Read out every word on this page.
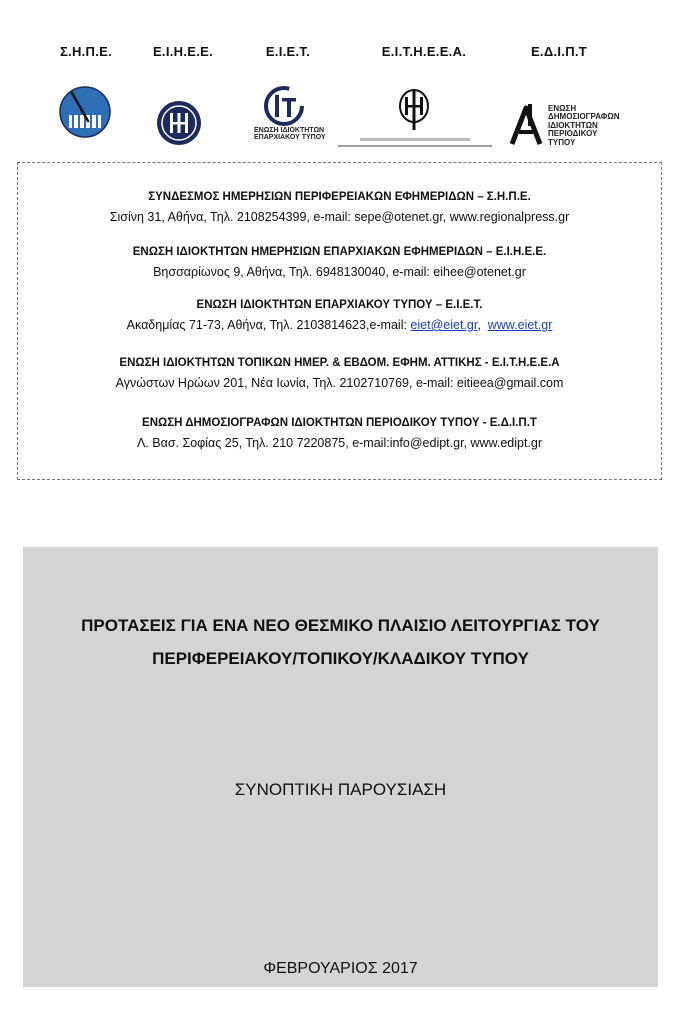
Σ.Η.Π.Ε.	Ε.Ι.Η.Ε.Ε.	Ε.Ι.Ε.Τ.	Ε.Ι.Τ.Η.Ε.Ε.Α.	Ε.Δ.Ι.Π.Τ
ΕΝΩΣΗ ΙΔΙΟΚΤΗΤΩΝ
ΕΠΑΡΧΙΑΚΟΥ ΤΥΠΟΥ
ΕΝΩΣΗ
ΔΗΜΟΣΙΟΓΡΑΦΩΝ
ΙΔΙΟΚΤΗΤΩΝ
ΠΕΡΙΟΔΙΚΟΥ
ΤΥΠΟΥ
ΣΥΝΔΕΣΜΟΣ ΗΜΕΡΗΣΙΩΝ ΠΕΡΙΦΕΡΕΙΑΚΩΝ ΕΦΗΜΕΡΙΔΩΝ – Σ.Η.Π.Ε.
Σισίνη 31, Αθήνα, Τηλ. 2108254399, e-mail: sepe@otenet.gr, www.regionalpress.gr
ΕΝΩΣΗ ΙΔΙΟΚΤΗΤΩΝ ΗΜΕΡΗΣΙΩΝ ΕΠΑΡΧΙΑΚΩΝ ΕΦΗΜΕΡΙΔΩΝ – Ε.Ι.Η.Ε.Ε.
Βησσαρίωνος 9, Αθήνα, Τηλ. 6948130040, e-mail: eihee@otenet.gr
ΕΝΩΣΗ ΙΔΙΟΚΤΗΤΩΝ ΕΠΑΡΧΙΑΚΟΥ ΤΥΠΟΥ – Ε.Ι.Ε.Τ.
Ακαδημίας 71-73, Αθήνα, Τηλ. 2103814623,e-mail: eiet@eiet.gr,  www.eiet.gr
ΕΝΩΣΗ ΙΔΙΟΚΤΗΤΩΝ ΤΟΠΙΚΩΝ ΗΜΕΡ. & ΕΒΔΟΜ. ΕΦΗΜ. ΑΤΤΙΚΗΣ - Ε.Ι.Τ.Η.Ε.Ε.Α
Αγνώστων Ηρώων 201, Νέα Ιωνία, Τηλ. 2102710769, e-mail: eitieea@gmail.com
ΕΝΩΣΗ ΔΗΜΟΣΙΟΓΡΑΦΩΝ ΙΔΙΟΚΤΗΤΩΝ ΠΕΡΙΟΔΙΚΟΥ ΤΥΠΟΥ - Ε.Δ.Ι.Π.Τ
Λ. Βασ. Σοφίας 25, Τηλ. 210 7220875, e-mail:info@edipt.gr, www.edipt.gr
ΠΡΟΤΑΣΕΙΣ ΓΙΑ ΕΝΑ ΝΕΟ ΘΕΣΜΙΚΟ ΠΛΑΙΣΙΟ ΛΕΙΤΟΥΡΓΙΑΣ ΤΟΥ
ΠΕΡΙΦΕΡΕΙΑΚΟΥ/ΤΟΠΙΚΟΥ/ΚΛΑΔΙΚΟΥ ΤΥΠΟΥ
ΣΥΝΟΠΤΙΚΗ ΠΑΡΟΥΣΙΑΣΗ
ΦΕΒΡΟΥΑΡΙΟΣ 2017
